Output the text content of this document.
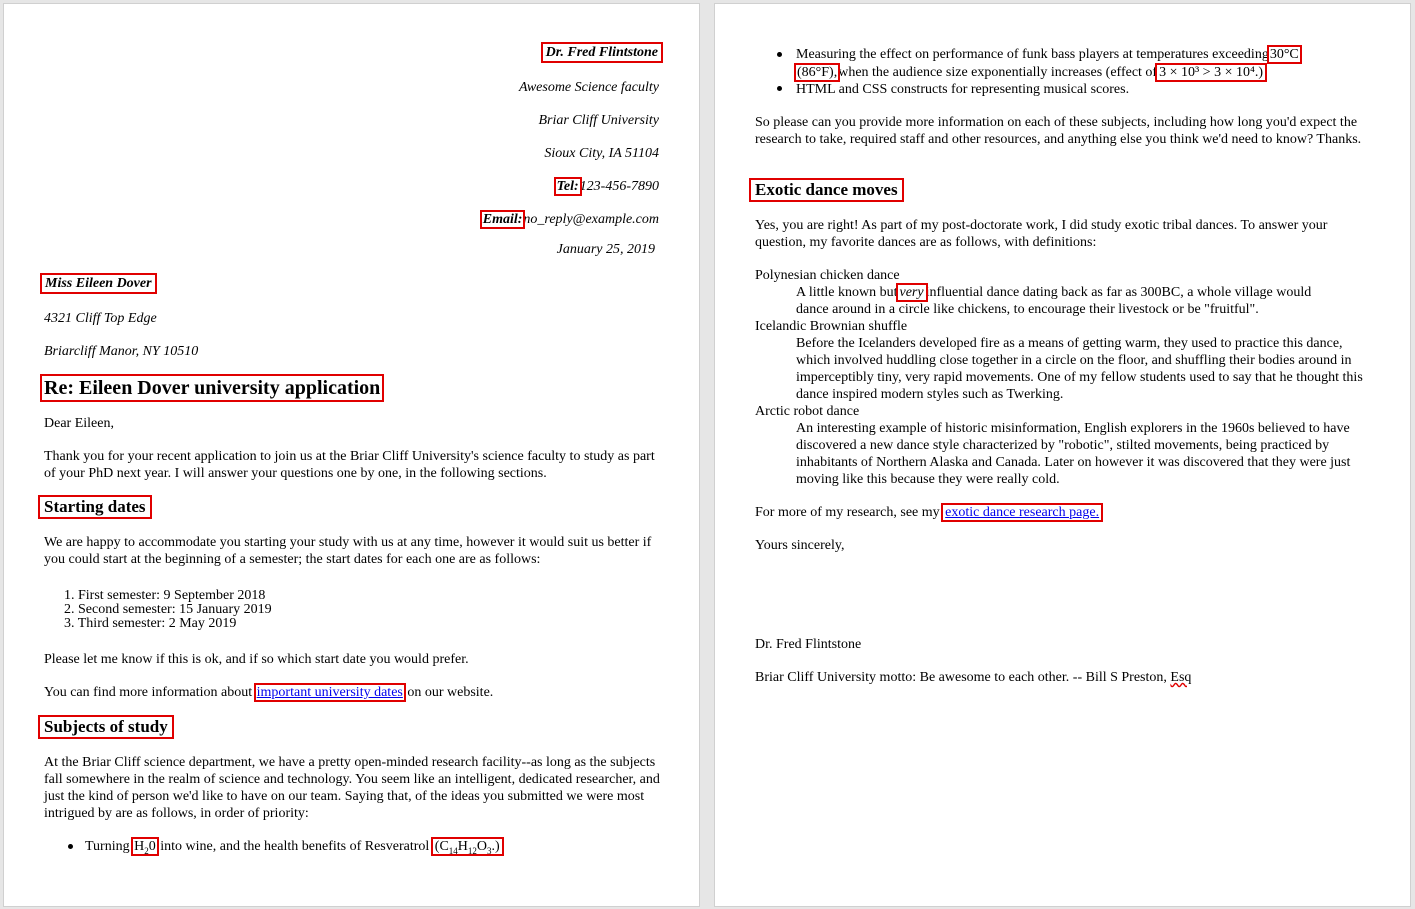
Dr. Fred Flintstone
Awesome Science faculty
Briar Cliff University
Sioux City, IA 51104
Tel:123-456-7890
Email:no_reply@example.com
January 25, 2019
Miss Eileen Dover
4321 Cliff Top Edge
Briarcliff Manor, NY 10510
Re: Eileen Dover university application
Dear Eileen,
Thank you for your recent application to join us at the Briar Cliff University's science faculty to study as part of your PhD next year. I will answer your questions one by one, in the following sections.
Starting dates
We are happy to accommodate you starting your study with us at any time, however it would suit us better if you could start at the beginning of a semester; the start dates for each one are as follows:
1. First semester: 9 September 2018
2. Second semester: 15 January 2019
3. Third semester: 2 May 2019
Please let me know if this is ok, and if so which start date you would prefer.
You can find more information about important university dates on our website.
Subjects of study
At the Briar Cliff science department, we have a pretty open-minded research facility--as long as the subjects fall somewhere in the realm of science and technology. You seem like an intelligent, dedicated researcher, and just the kind of person we'd like to have on our team. Saying that, of the ideas you submitted we were most intrigued by are as follows, in order of priority:
Turning $H_20$ into wine, and the health benefits of Resveratrol $(C_{14}H_{12}O_3.)$
Measuring the effect on performance of funk bass players at temperatures exceeding30°C
(86°F),when the audience size exponentially increases (effect of 3 × 10³ > 3 × 10⁴.)
HTML and CSS constructs for representing musical scores.
So please can you provide more information on each of these subjects, including how long you'd expect the research to take, required staff and other resources, and anything else you think we'd need to know? Thanks.
Exotic dance moves
Yes, you are right! As part of my post-doctorate work, I did study exotic tribal dances. To answer your question, my favorite dances are as follows, with definitions:
Polynesian chicken dance
A little known but very influential dance dating back as far as 300BC, a whole village would
dance around in a circle like chickens, to encourage their livestock or be "fruitful".
Icelandic Brownian shuffle
Before the Icelanders developed fire as a means of getting warm, they used to practice this dance, which involved huddling close together in a circle on the floor, and shuffling their bodies around in imperceptibly tiny, very rapid movements. One of my fellow students used to say that he thought this dance inspired modern styles such as Twerking.
Arctic robot dance
An interesting example of historic misinformation, English explorers in the 1960s believed to have discovered a new dance style characterized by "robotic", stilted movements, being practiced by inhabitants of Northern Alaska and Canada. Later on however it was discovered that they were just moving like this because they were really cold.
For more of my research, see my exotic dance research page.
Yours sincerely,
Dr. Fred Flintstone
Briar Cliff University motto: Be awesome to each other. -- Bill S Preston, Esq
